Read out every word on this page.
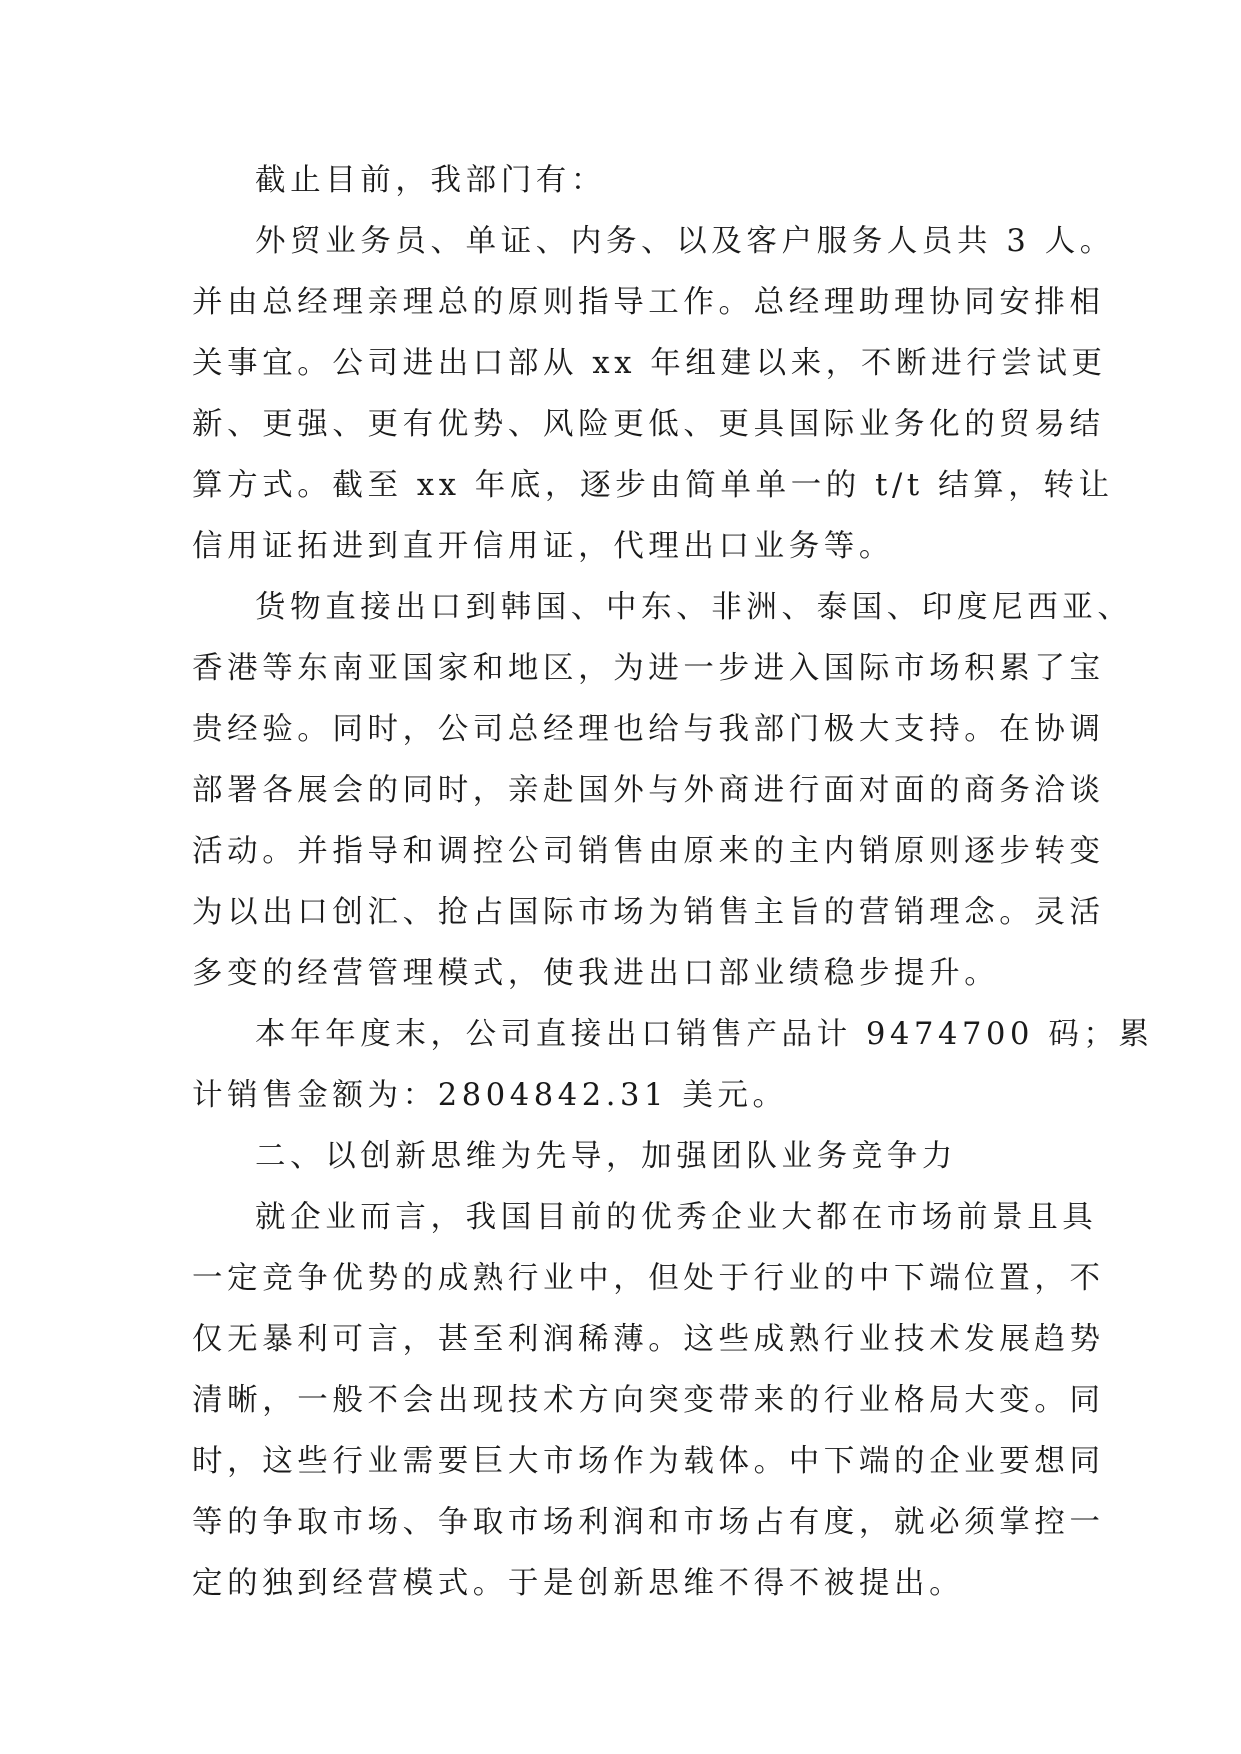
截止目前，我部门有：

外贸业务员、单证、内务、以及客户服务人员共 3 人。
并由总经理亲理总的原则指导工作。总经理助理协同安排相
关事宜。公司进出口部从 xx 年组建以来，不断进行尝试更
新、更强、更有优势、风险更低、更具国际业务化的贸易结
算方式。截至 xx 年底，逐步由简单单一的 t/t 结算，转让
信用证拓进到直开信用证，代理出口业务等。

货物直接出口到韩国、中东、非洲、泰国、印度尼西亚、
香港等东南亚国家和地区，为进一步进入国际市场积累了宝
贵经验。同时，公司总经理也给与我部门极大支持。在协调
部署各展会的同时，亲赴国外与外商进行面对面的商务洽谈
活动。并指导和调控公司销售由原来的主内销原则逐步转变
为以出口创汇、抢占国际市场为销售主旨的营销理念。灵活
多变的经营管理模式，使我进出口部业绩稳步提升。

本年年度末，公司直接出口销售产品计 9474700 码；累
计销售金额为：2804842.31 美元。

二、以创新思维为先导，加强团队业务竞争力

就企业而言，我国目前的优秀企业大都在市场前景且具
一定竞争优势的成熟行业中，但处于行业的中下端位置，不
仅无暴利可言，甚至利润稀薄。这些成熟行业技术发展趋势
清晰，一般不会出现技术方向突变带来的行业格局大变。同
时，这些行业需要巨大市场作为载体。中下端的企业要想同
等的争取市场、争取市场利润和市场占有度，就必须掌控一
定的独到经营模式。于是创新思维不得不被提出。
